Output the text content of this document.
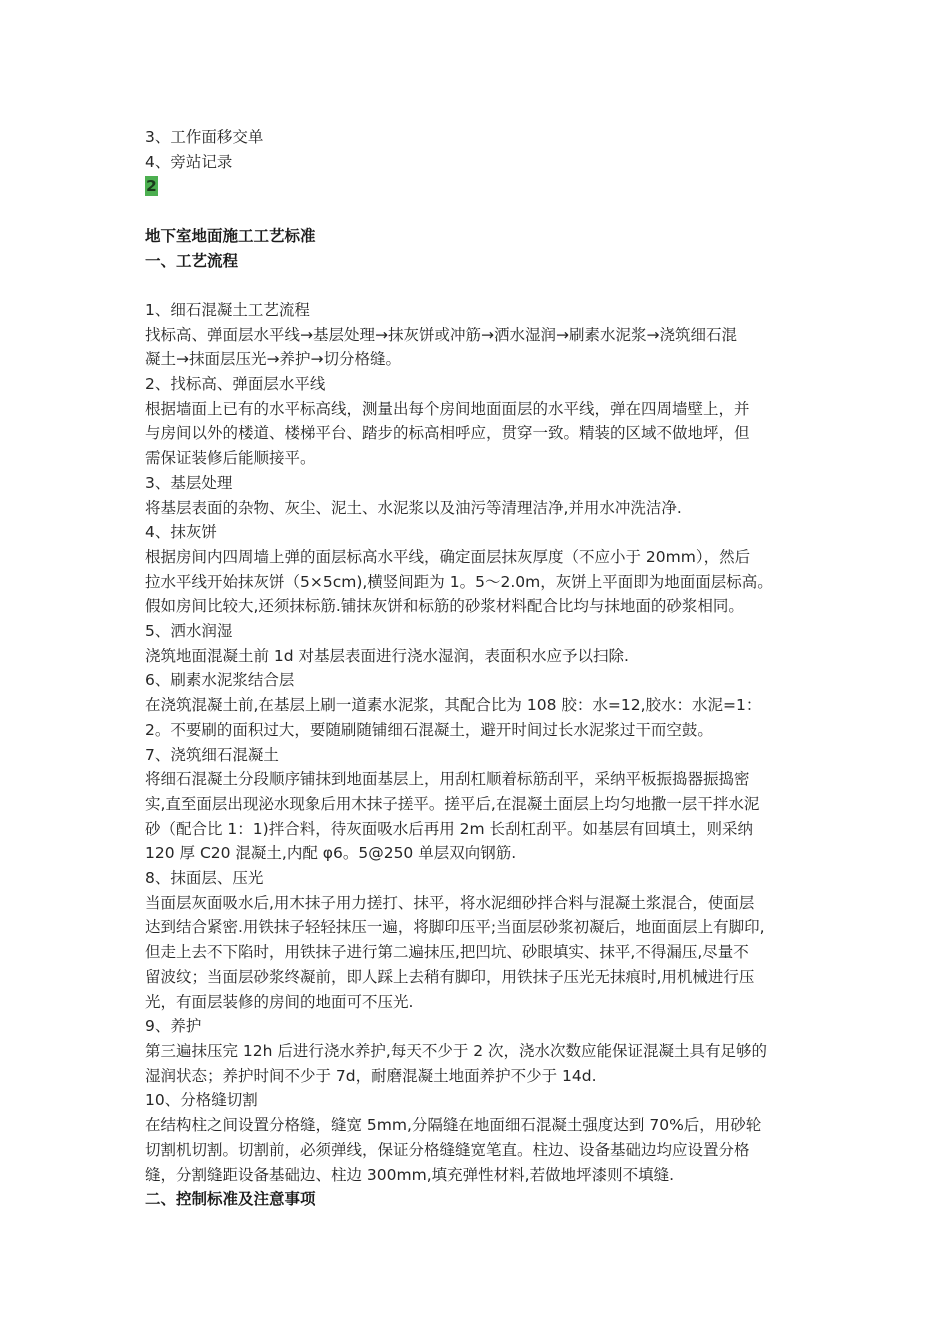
3、工作面移交单
4、旁站记录
2
地下室地面施工工艺标准
一、工艺流程
1、细石混凝土工艺流程
找标高、弹面层水平线→基层处理→抹灰饼或冲筋→洒水湿润→刷素水泥浆→浇筑细石混
凝土→抹面层压光→养护→切分格缝。
2、找标高、弹面层水平线
根据墙面上已有的水平标高线，测量出每个房间地面面层的水平线，弹在四周墙壁上，并
与房间以外的楼道、楼梯平台、踏步的标高相呼应，贯穿一致。精装的区域不做地坪，但
需保证装修后能顺接平。
3、基层处理
将基层表面的杂物、灰尘、泥土、水泥浆以及油污等清理洁净,并用水冲洗洁净.
4、抹灰饼
根据房间内四周墙上弹的面层标高水平线，确定面层抹灰厚度（不应小于 20mm），然后
拉水平线开始抹灰饼（5×5cm),横竖间距为 1。5～2.0m，灰饼上平面即为地面面层标高。
假如房间比较大,还须抹标筋.铺抹灰饼和标筋的砂浆材料配合比均与抹地面的砂浆相同。
5、洒水润湿
浇筑地面混凝土前 1d 对基层表面进行浇水湿润，表面积水应予以扫除.
6、刷素水泥浆结合层
在浇筑混凝土前,在基层上刷一道素水泥浆，其配合比为 108 胶：水=12,胶水：水泥=1：
2。不要刷的面积过大，要随刷随铺细石混凝土，避开时间过长水泥浆过干而空鼓。
7、浇筑细石混凝土
将细石混凝土分段顺序铺抹到地面基层上，用刮杠顺着标筋刮平，采纳平板振捣器振捣密
实,直至面层出现泌水现象后用木抹子搓平。搓平后,在混凝土面层上均匀地撒一层干拌水泥
砂（配合比 1：1)拌合料，待灰面吸水后再用 2m 长刮杠刮平。如基层有回填土，则采纳
120 厚 C20 混凝土,内配 φ6。5@250 单层双向钢筋.
8、抹面层、压光
当面层灰面吸水后,用木抹子用力搓打、抹平，将水泥细砂拌合料与混凝土浆混合，使面层
达到结合紧密.用铁抹子轻轻抹压一遍，将脚印压平;当面层砂浆初凝后，地面面层上有脚印,
但走上去不下陷时，用铁抹子进行第二遍抹压,把凹坑、砂眼填实、抹平,不得漏压,尽量不
留波纹；当面层砂浆终凝前，即人踩上去稍有脚印，用铁抹子压光无抹痕时,用机械进行压
光，有面层装修的房间的地面可不压光.
9、养护
第三遍抹压完 12h 后进行浇水养护,每天不少于 2 次，浇水次数应能保证混凝土具有足够的
湿润状态；养护时间不少于 7d，耐磨混凝土地面养护不少于 14d.
10、分格缝切割
在结构柱之间设置分格缝，缝宽 5mm,分隔缝在地面细石混凝土强度达到 70%后，用砂轮
切割机切割。切割前，必须弹线，保证分格缝缝宽笔直。柱边、设备基础边均应设置分格
缝，分割缝距设备基础边、柱边 300mm,填充弹性材料,若做地坪漆则不填缝.
二、控制标准及注意事项
